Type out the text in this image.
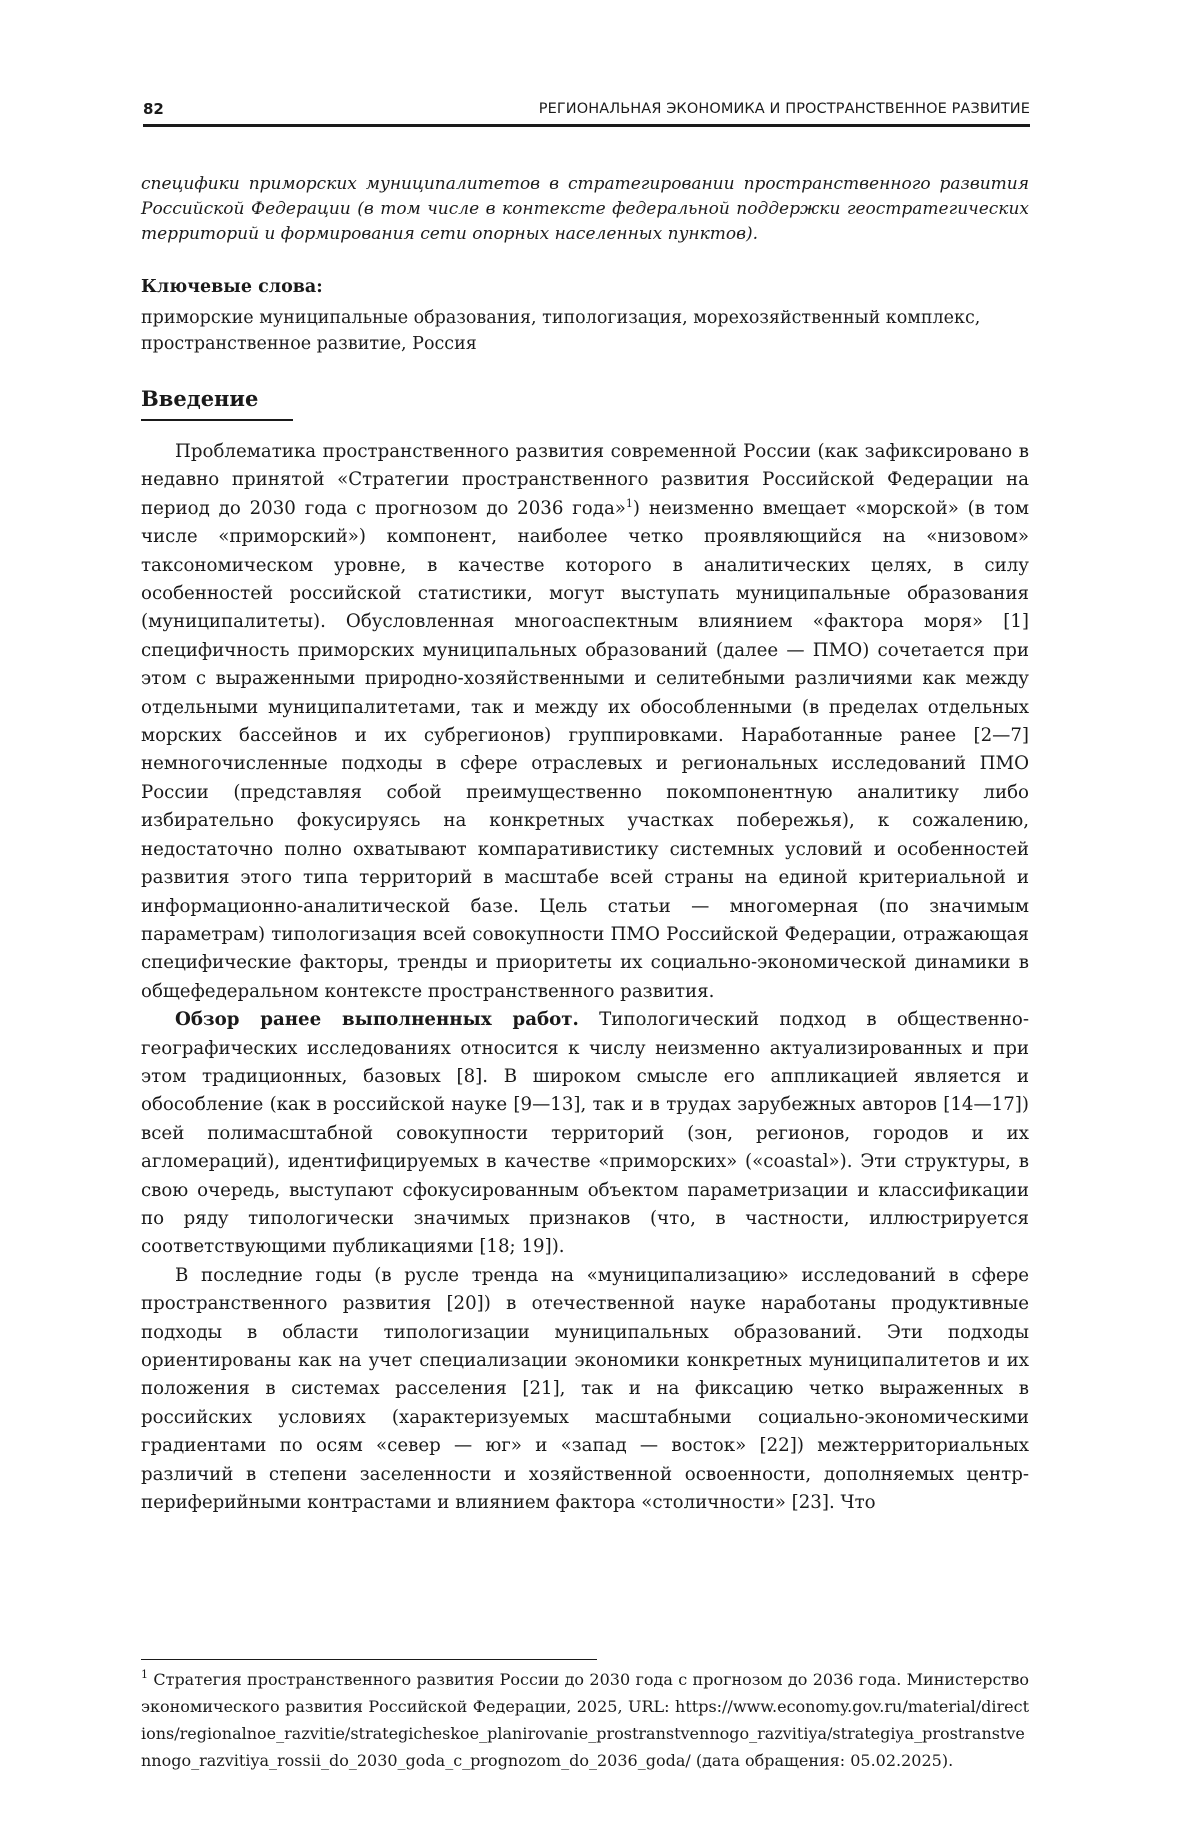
82	РЕГИОНАЛЬНАЯ ЭКОНОМИКА И ПРОСТРАНСТВЕННОЕ РАЗВИТИЕ
специфики приморских муниципалитетов в стратегировании пространственного развития Российской Федерации (в том числе в контексте федеральной поддержки геостратегических территорий и формирования сети опорных населенных пунктов).
Ключевые слова:
приморские муниципальные образования, типологизация, морехозяйственный комплекс, пространственное развитие, Россия
Введение

Проблематика пространственного развития современной России (как зафиксировано в недавно принятой «Стратегии пространственного развития Российской Федерации на период до 2030 года с прогнозом до 2036 года»$^1$) неизменно вмещает «морской» (в том числе «приморский») компонент, наиболее четко проявляющийся на «низовом» таксономическом уровне, в качестве которого в аналитических целях, в силу особенностей российской статистики, могут выступать муниципальные образования (муниципалитеты). Обусловленная многоаспектным влиянием «фактора моря» [1] специфичность приморских муниципальных образований (далее — ПМО) сочетается при этом с выраженными природно-хозяйственными и селитебными различиями как между отдельными муниципалитетами, так и между их обособленными (в пределах отдельных морских бассейнов и их субрегионов) группировками. Наработанные ранее [2—7] немногочисленные подходы в сфере отраслевых и региональных исследований ПМО России (представляя собой преимущественно покомпонентную аналитику либо избирательно фокусируясь на конкретных участках побережья), к сожалению, недостаточно полно охватывают компаративистику системных условий и особенностей развития этого типа территорий в масштабе всей страны на единой критериальной и информационно-аналитической базе. Цель статьи — многомерная (по значимым параметрам) типологизация всей совокупности ПМО Российской Федерации, отражающая специфические факторы, тренды и приоритеты их социально-экономической динамики в общефедеральном контексте пространственного развития.

Обзор ранее выполненных работ. Типологический подход в общественно-географических исследованиях относится к числу неизменно актуализированных и при этом традиционных, базовых [8]. В широком смысле его аппликацией является и обособление (как в российской науке [9—13], так и в трудах зарубежных авторов [14—17]) всей полимасштабной совокупности территорий (зон, регионов, городов и их агломераций), идентифицируемых в качестве «приморских» («coastal»). Эти структуры, в свою очередь, выступают сфокусированным объектом параметризации и классификации по ряду типологически значимых признаков (что, в частности, иллюстрируется соответствующими публикациями [18; 19]).

В последние годы (в русле тренда на «муниципализацию» исследований в сфере пространственного развития [20]) в отечественной науке наработаны продуктивные подходы в области типологизации муниципальных образований. Эти подходы ориентированы как на учет специализации экономики конкретных муниципалитетов и их положения в системах расселения [21], так и на фиксацию четко выраженных в российских условиях (характеризуемых масштабными социально-экономическими градиентами по осям «север — юг» и «запад — восток» [22]) межтерриториальных различий в степени заселенности и хозяйственной освоенности, дополняемых центр-периферийными контрастами и влиянием фактора «столичности» [23]. Что

$^1$ Стратегия пространственного развития России до 2030 года с прогнозом до 2036 года. Министерство экономического развития Российской Федерации, 2025, URL: https://www.economy.gov.ru/material/directions/regionalnoe_razvitie/strategicheskoe_planirovanie_prostranstvennogo_razvitiya/strategiya_prostranstvennogo_razvitiya_rossii_do_2030_goda_c_prognozom_do_2036_goda/ (дата обращения: 05.02.2025).
